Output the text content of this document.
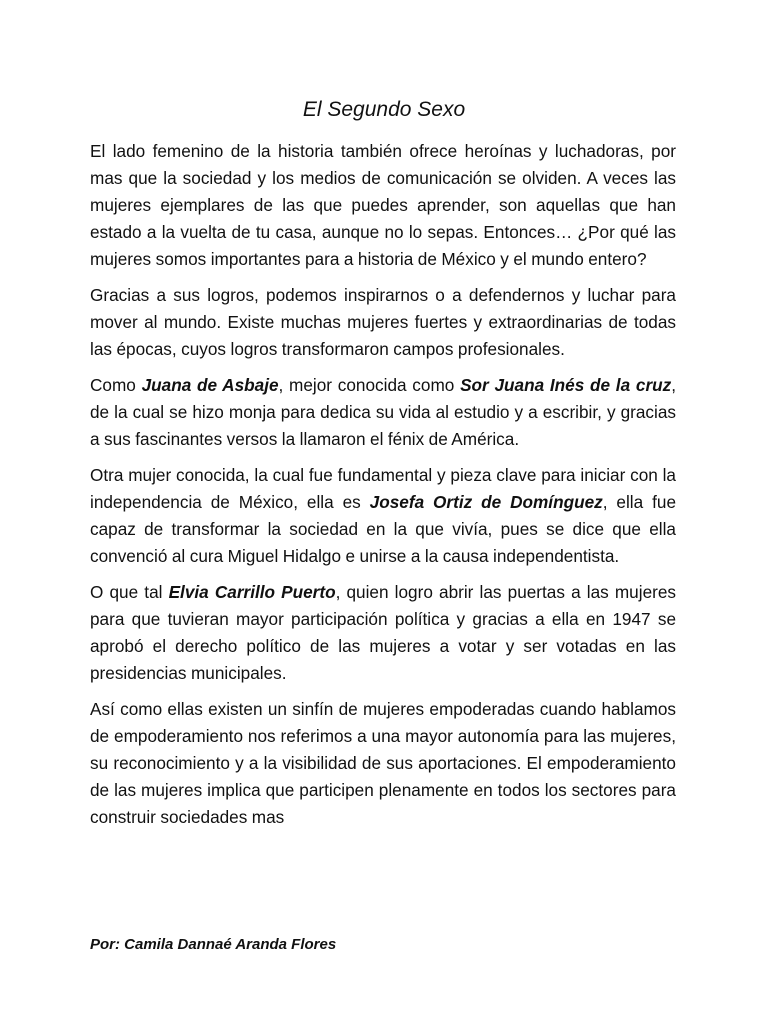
El Segundo Sexo

El lado femenino de la historia también ofrece heroínas y luchadoras, por mas que la sociedad y los medios de comunicación se olviden. A veces las mujeres ejemplares de las que puedes aprender, son aquellas que han estado a la vuelta de tu casa, aunque no lo sepas. Entonces… ¿Por qué las mujeres somos importantes para a historia de México y el mundo entero?

Gracias a sus logros, podemos inspirarnos o a defendernos y luchar para mover al mundo. Existe muchas mujeres fuertes y extraordinarias de todas las épocas, cuyos logros transformaron campos profesionales.

Como Juana de Asbaje, mejor conocida como Sor Juana Inés de la cruz, de la cual se hizo monja para dedica su vida al estudio y a escribir, y gracias a sus fascinantes versos la llamaron el fénix de América.

Otra mujer conocida, la cual fue fundamental y pieza clave para iniciar con la independencia de México, ella es Josefa Ortiz de Domínguez, ella fue capaz de transformar la sociedad en la que vivía, pues se dice que ella convenció al cura Miguel Hidalgo e unirse a la causa independentista.

O que tal Elvia Carrillo Puerto, quien logro abrir las puertas a las mujeres para que tuvieran mayor participación política y gracias a ella en 1947 se aprobó el derecho político de las mujeres a votar y ser votadas en las presidencias municipales.

Así como ellas existen un sinfín de mujeres empoderadas cuando hablamos de empoderamiento nos referimos a una mayor autonomía para las mujeres, su reconocimiento y a la visibilidad de sus aportaciones. El empoderamiento de las mujeres implica que participen plenamente en todos los sectores para construir sociedades mas

Por: Camila Dannaé Aranda Flores
